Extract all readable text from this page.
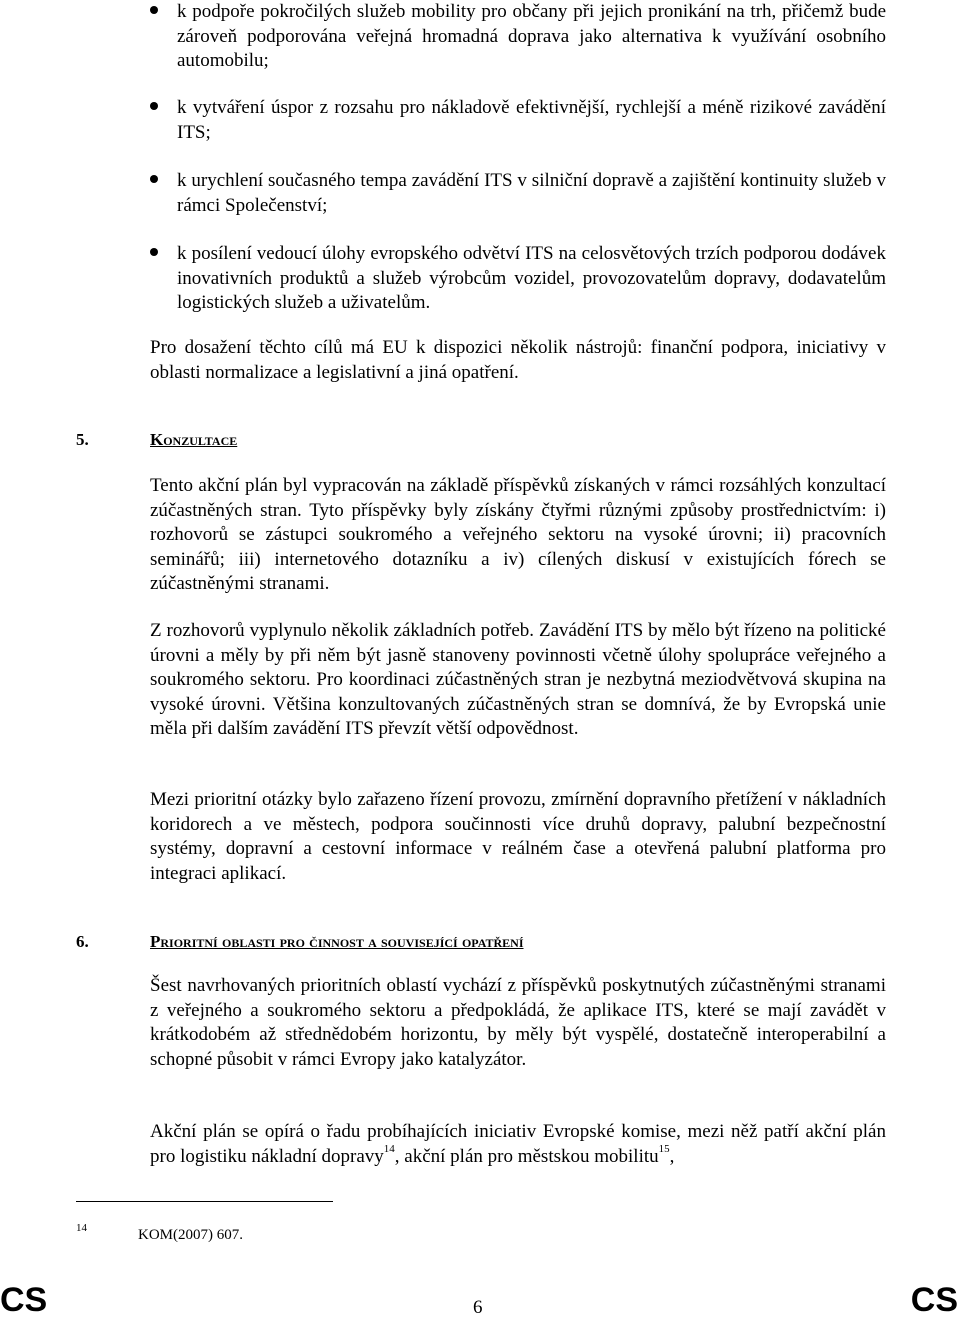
k podpoře pokročilých služeb mobility pro občany při jejich pronikání na trh, přičemž bude zároveň podporována veřejná hromadná doprava jako alternativa k využívání osobního automobilu;
k vytváření úspor z rozsahu pro nákladově efektivnější, rychlejší a méně rizikové zavádění ITS;
k urychlení současného tempa zavádění ITS v silniční dopravě a zajištění kontinuity služeb v rámci Společenství;
k posílení vedoucí úlohy evropského odvětví ITS na celosvětových trzích podporou dodávek inovativních produktů a služeb výrobcům vozidel, provozovatelům dopravy, dodavatelům logistických služeb a uživatelům.

Pro dosažení těchto cílů má EU k dispozici několik nástrojů: finanční podpora, iniciativy v oblasti normalizace a legislativní a jiná opatření.

5.	Konzultace

Tento akční plán byl vypracován na základě příspěvků získaných v rámci rozsáhlých konzultací zúčastněných stran. Tyto příspěvky byly získány čtyřmi různými způsoby prostřednictvím: i) rozhovorů se zástupci soukromého a veřejného sektoru na vysoké úrovni; ii) pracovních seminářů; iii) internetového dotazníku a iv) cílených diskusí v existujících fórech se zúčastněnými stranami.

Z rozhovorů vyplynulo několik základních potřeb. Zavádění ITS by mělo být řízeno na politické úrovni a měly by při něm být jasně stanoveny povinnosti včetně úlohy spolupráce veřejného a soukromého sektoru. Pro koordinaci zúčastněných stran je nezbytná meziodvětvová skupina na vysoké úrovni. Většina konzultovaných zúčastněných stran se domnívá, že by Evropská unie měla při dalším zavádění ITS převzít větší odpovědnost.

Mezi prioritní otázky bylo zařazeno řízení provozu, zmírnění dopravního přetížení v nákladních koridorech a ve městech, podpora součinnosti více druhů dopravy, palubní bezpečnostní systémy, dopravní a cestovní informace v reálném čase a otevřená palubní platforma pro integraci aplikací.

6.	Prioritní oblasti pro činnost a související opatření

Šest navrhovaných prioritních oblastí vychází z příspěvků poskytnutých zúčastněnými stranami z veřejného a soukromého sektoru a předpokládá, že aplikace ITS, které se mají zavádět v krátkodobém až střednědobém horizontu, by měly být vyspělé, dostatečně interoperabilní a schopné působit v rámci Evropy jako katalyzátor.

Akční plán se opírá o řadu probíhajících iniciativ Evropské komise, mezi něž patří akční plán pro logistiku nákladní dopravy$^{14}$, akční plán pro městskou mobilitu$^{15}$,

14	KOM(2007) 607.
CS	6	CS
